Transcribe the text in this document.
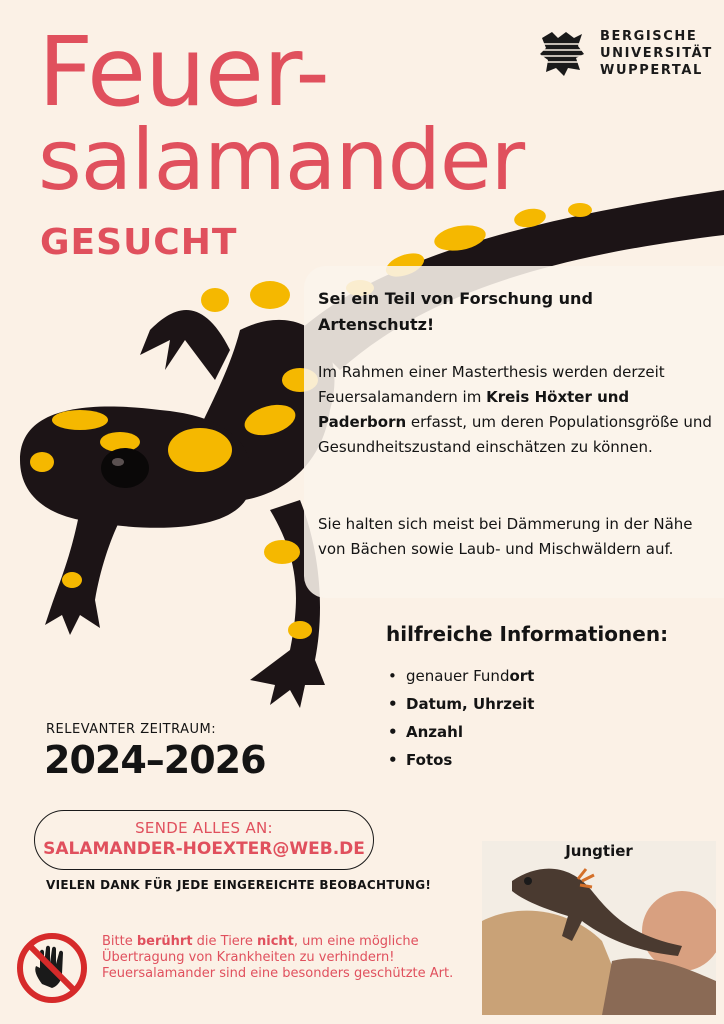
Feuer-
salamander
GESUCHT
BERGISCHE
UNIVERSITÄT
WUPPERTAL
Sei ein Teil von Forschung und Artenschutz!
Im Rahmen einer Masterthesis werden derzeit Feuersalamandern im Kreis Höxter und Paderborn erfasst, um deren Populationsgröße und Gesundheitszustand einschätzen zu können.
Sie halten sich meist bei Dämmerung in der Nähe von Bächen sowie Laub- und Mischwäldern auf.
hilfreiche Informationen:
• genauer Fundort
• Datum, Uhrzeit
• Anzahl
• Fotos
RELEVANTER ZEITRAUM:
2024–2026
SENDE ALLES AN:
SALAMANDER-HOEXTER@WEB.DE
VIELEN DANK FÜR JEDE EINGEREICHTE BEOBACHTUNG!
Bitte berührt die Tiere nicht, um eine mögliche Übertragung von Krankheiten zu verhindern! Feuersalamander sind eine besonders geschützte Art.
Jungtier
